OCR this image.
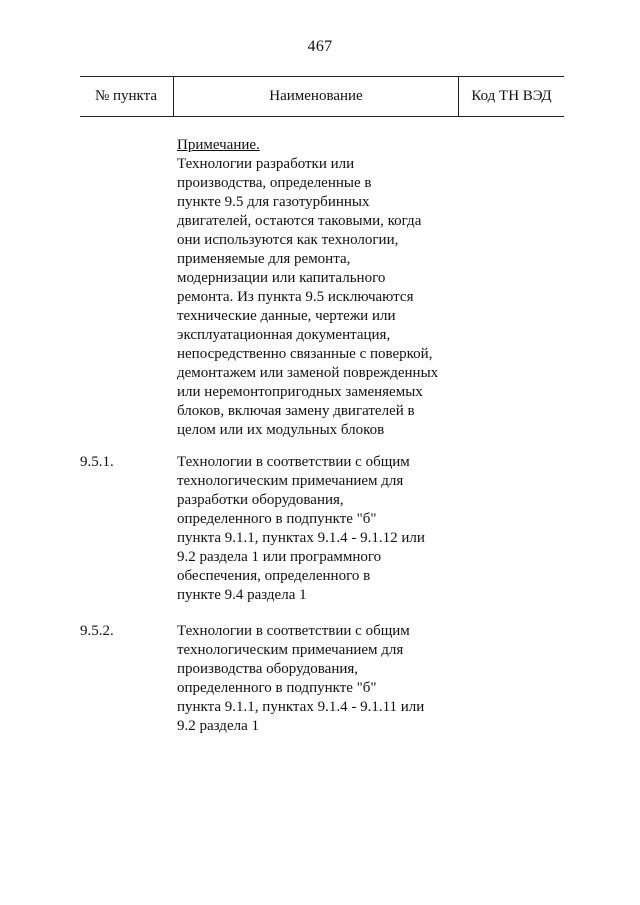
467
№ пункта	Наименование	Код ТН ВЭД
Примечание.
Технологии разработки или
производства, определенные в
пункте 9.5 для газотурбинных
двигателей, остаются таковыми, когда
они используются как технологии,
применяемые для ремонта,
модернизации или капитального
ремонта. Из пункта 9.5 исключаются
технические данные, чертежи или
эксплуатационная документация,
непосредственно связанные с поверкой,
демонтажем или заменой поврежденных
или неремонтопригодных заменяемых
блоков, включая замену двигателей в
целом или их модульных блоков
9.5.1.	Технологии в соответствии с общим
технологическим примечанием для
разработки оборудования,
определенного в подпункте "б"
пункта 9.1.1, пунктах 9.1.4 - 9.1.12 или
9.2 раздела 1 или программного
обеспечения, определенного в
пункте 9.4 раздела 1
9.5.2.	Технологии в соответствии с общим
технологическим примечанием для
производства оборудования,
определенного в подпункте "б"
пункта 9.1.1, пунктах 9.1.4 - 9.1.11 или
9.2 раздела 1
